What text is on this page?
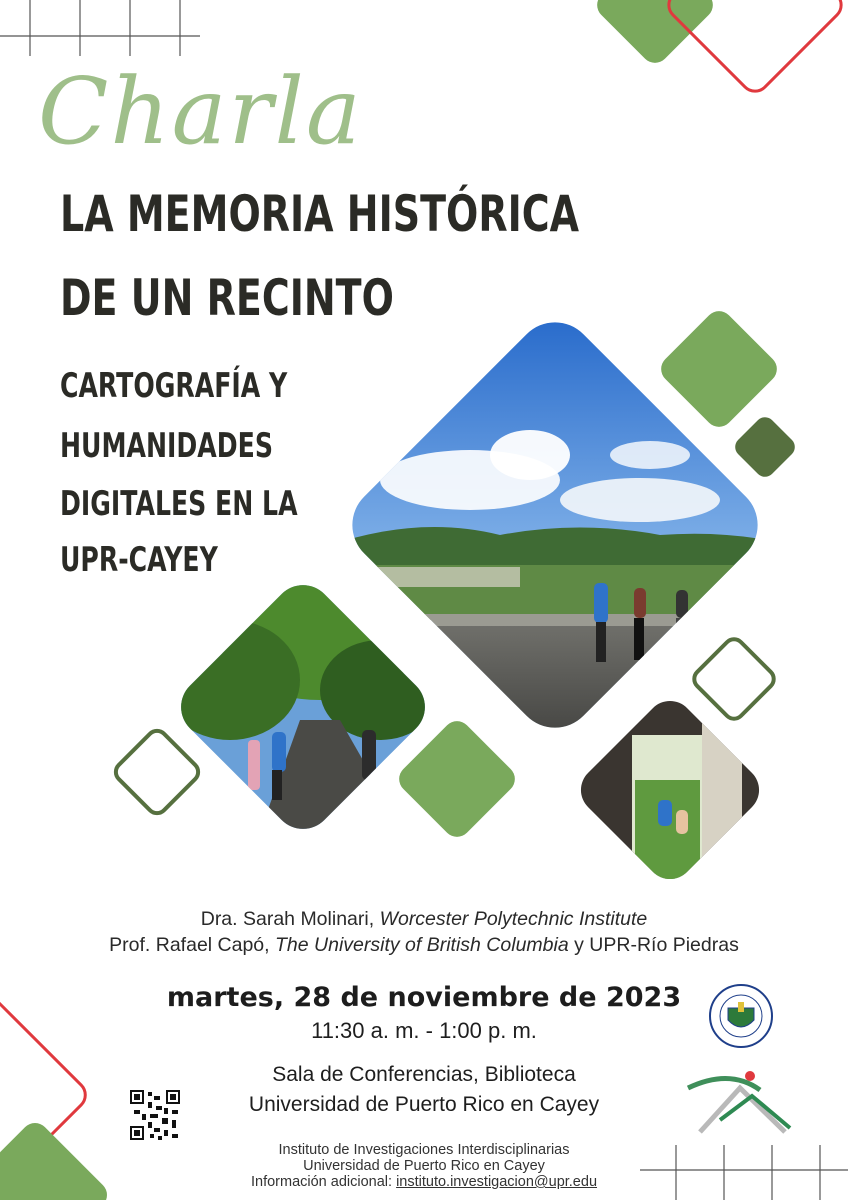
Charla
LA MEMORIA HISTÓRICA
DE UN RECINTO
CARTOGRAFÍA Y
HUMANIDADES
DIGITALES EN LA
UPR-CAYEY
Dra. Sarah Molinari, Worcester Polytechnic Institute
Prof. Rafael Capó, The University of British Columbia y UPR-Río Piedras
martes, 28 de noviembre de 2023
11:30 a. m. - 1:00 p. m.
Sala de Conferencias, Biblioteca
Universidad de Puerto Rico en Cayey
Instituto de Investigaciones Interdisciplinarias
Universidad de Puerto Rico en Cayey
Información adicional: instituto.investigacion@upr.edu
